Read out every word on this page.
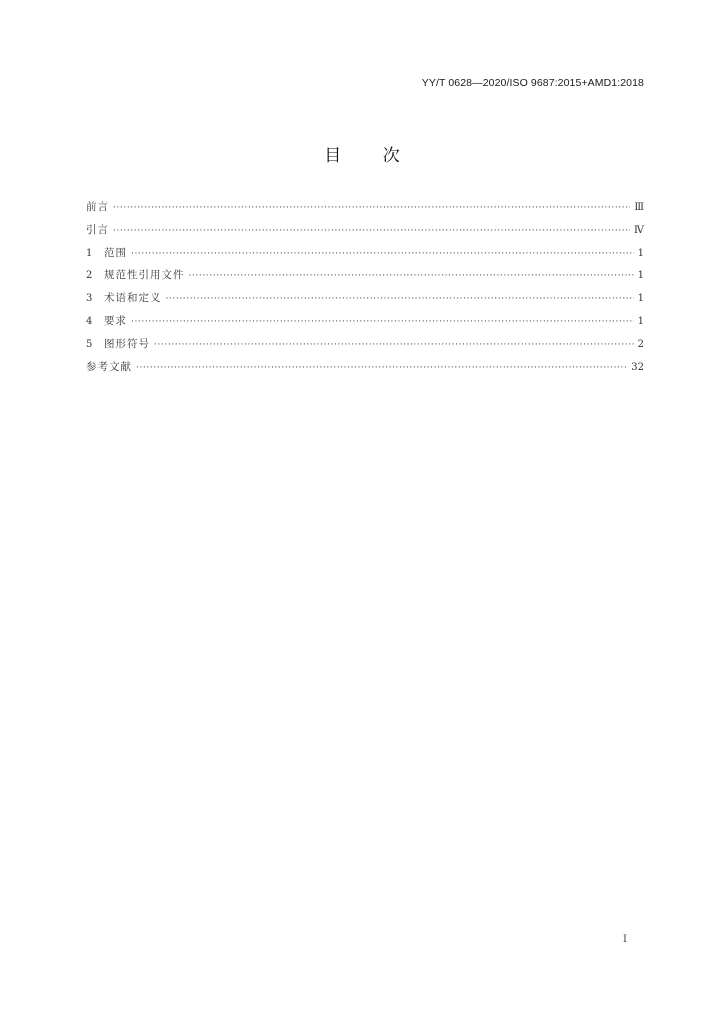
YY/T 0628—2020/ISO 9687:2015+AMD1:2018
目 次
前言 ·····	Ⅲ
引言 ·····	Ⅳ
1	范围 ·····	1
2	规范性引用文件 ·····	1
3	术语和定义 ·····	1
4	要求 ·····	1
5	图形符号 ·····	2
参考文献 ·····	32
I
